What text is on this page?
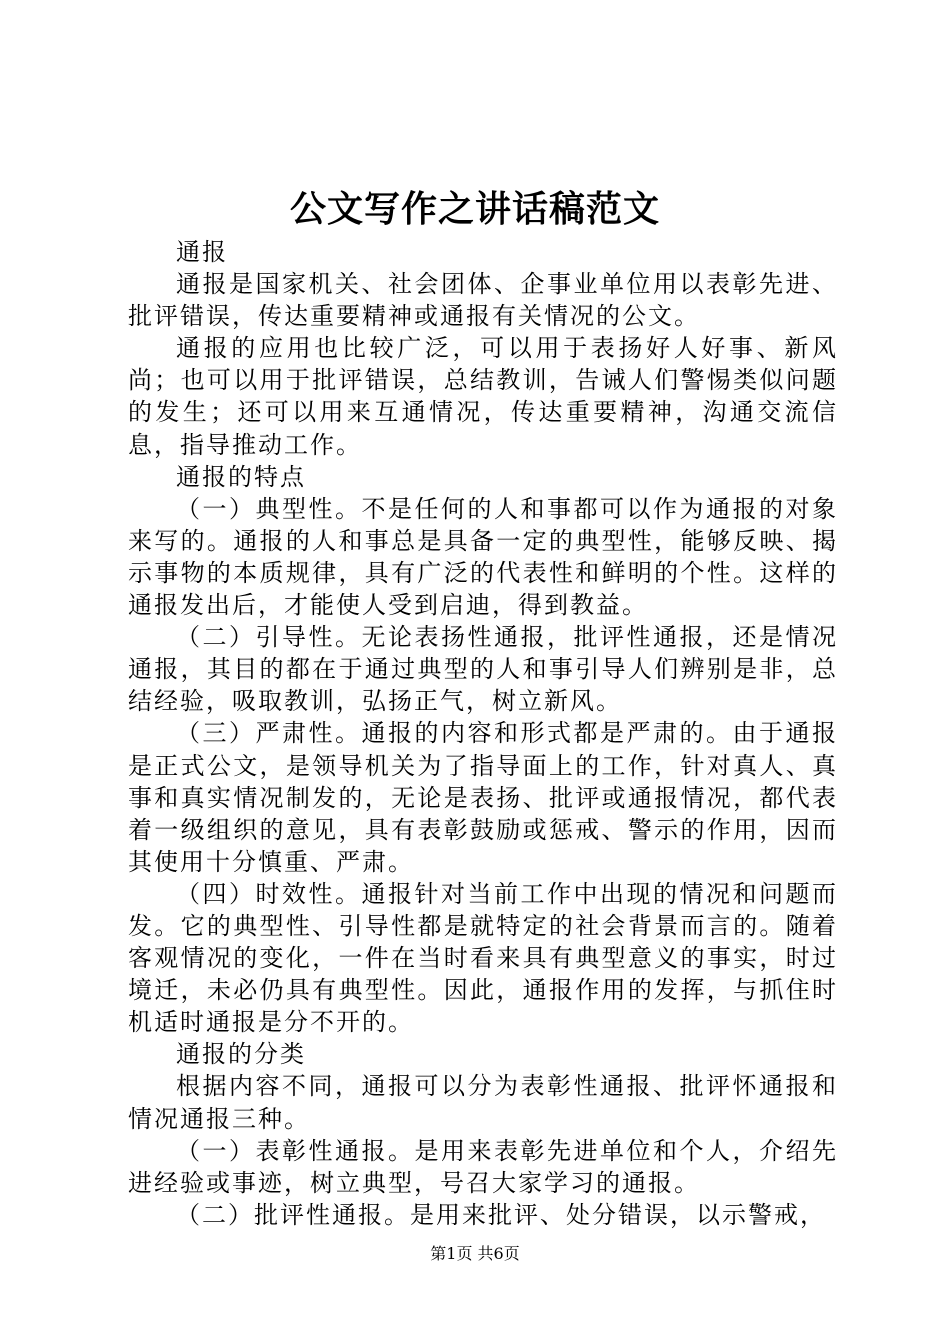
公文写作之讲话稿范文

通报

通报是国家机关、社会团体、企事业单位用以表彰先进、批评错误，传达重要精神或通报有关情况的公文。

通报的应用也比较广泛，可以用于表扬好人好事、新风尚；也可以用于批评错误，总结教训，告诫人们警惕类似问题的发生；还可以用来互通情况，传达重要精神，沟通交流信息，指导推动工作。

通报的特点

（一）典型性。不是任何的人和事都可以作为通报的对象来写的。通报的人和事总是具备一定的典型性，能够反映、揭示事物的本质规律，具有广泛的代表性和鲜明的个性。这样的通报发出后，才能使人受到启迪，得到教益。

（二）引导性。无论表扬性通报，批评性通报，还是情况通报，其目的都在于通过典型的人和事引导人们辨别是非，总结经验，吸取教训，弘扬正气，树立新风。

（三）严肃性。通报的内容和形式都是严肃的。由于通报是正式公文，是领导机关为了指导面上的工作，针对真人、真事和真实情况制发的，无论是表扬、批评或通报情况，都代表着一级组织的意见，具有表彰鼓励或惩戒、警示的作用，因而其使用十分慎重、严肃。

（四）时效性。通报针对当前工作中出现的情况和问题而发。它的典型性、引导性都是就特定的社会背景而言的。随着客观情况的变化，一件在当时看来具有典型意义的事实，时过境迁，未必仍具有典型性。因此，通报作用的发挥，与抓住时机适时通报是分不开的。

通报的分类

根据内容不同，通报可以分为表彰性通报、批评怀通报和情况通报三种。

（一）表彰性通报。是用来表彰先进单位和个人，介绍先进经验或事迹，树立典型，号召大家学习的通报。

（二）批评性通报。是用来批评、处分错误，以示警戒，

第1页 共6页
